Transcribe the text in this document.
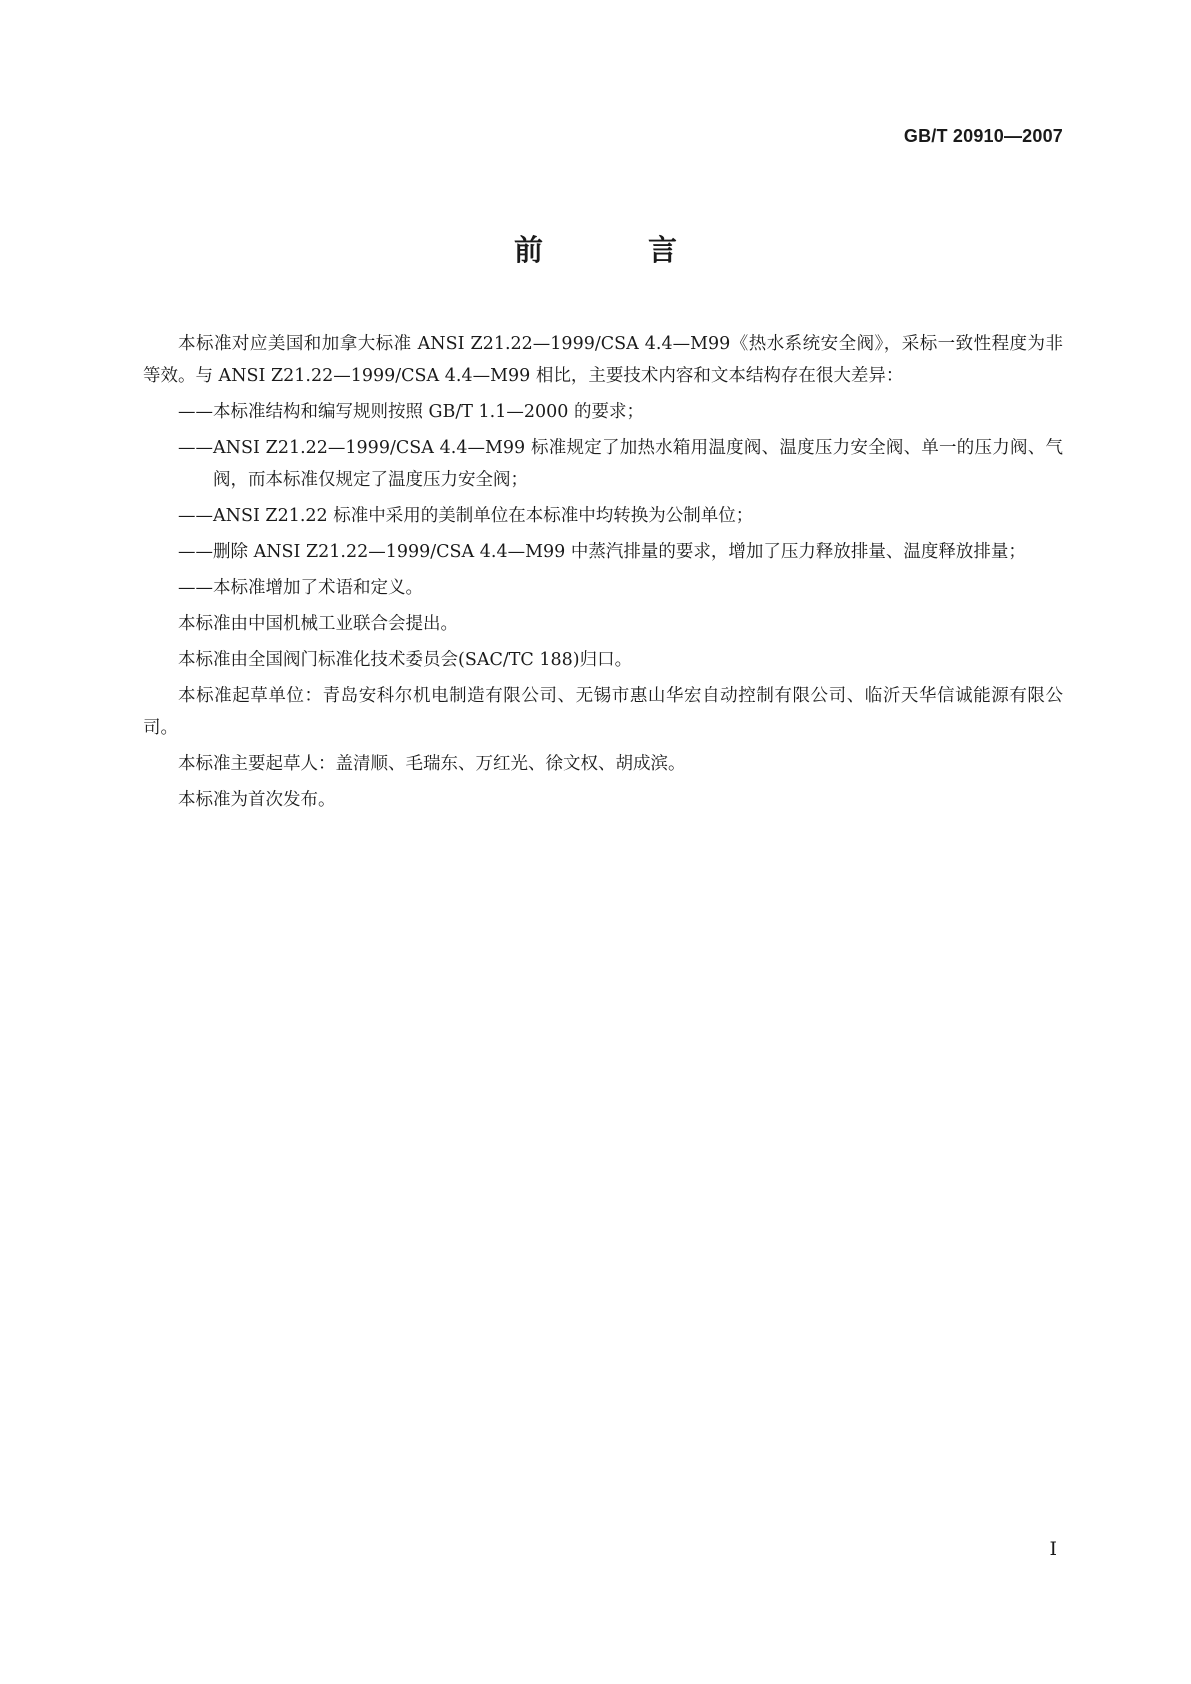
GB/T 20910—2007
前　言

本标准对应美国和加拿大标准 ANSI Z21.22—1999/CSA 4.4—M99《热水系统安全阀》，采标一致性程度为非等效。与 ANSI Z21.22—1999/CSA 4.4—M99 相比，主要技术内容和文本结构存在很大差异：

——本标准结构和编写规则按照 GB/T 1.1—2000 的要求；

——ANSI Z21.22—1999/CSA 4.4—M99 标准规定了加热水箱用温度阀、温度压力安全阀、单一的压力阀、气阀，而本标准仅规定了温度压力安全阀；

——ANSI Z21.22 标准中采用的美制单位在本标准中均转换为公制单位；

——删除 ANSI Z21.22—1999/CSA 4.4—M99 中蒸汽排量的要求，增加了压力释放排量、温度释放排量；

——本标准增加了术语和定义。

本标准由中国机械工业联合会提出。

本标准由全国阀门标准化技术委员会(SAC/TC 188)归口。

本标准起草单位：青岛安科尔机电制造有限公司、无锡市惠山华宏自动控制有限公司、临沂天华信诚能源有限公司。

本标准主要起草人：盖清顺、毛瑞东、万红光、徐文权、胡成滨。

本标准为首次发布。

I
